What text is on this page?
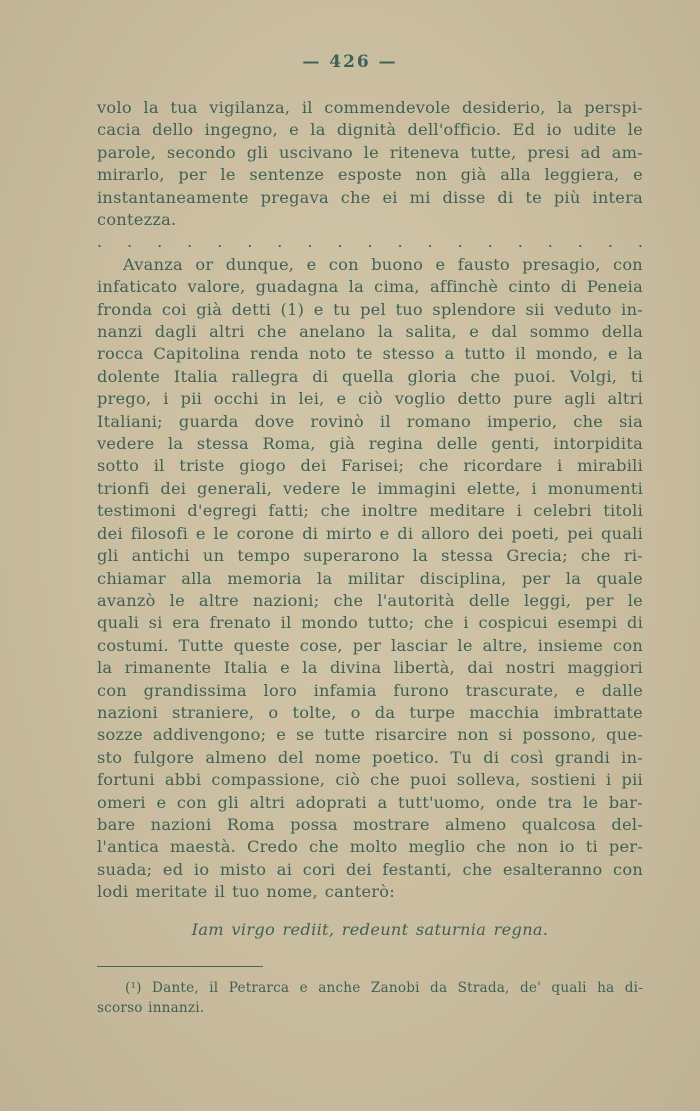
— 426 —
volo la tua vigilanza, il commendevole desiderio, la perspi-
cacia dello ingegno, e la dignità dell'officio. Ed io udite le
parole, secondo gli uscivano le riteneva tutte, presi ad am-
mirarlo, per le sentenze esposte non già alla leggiera, e
instantaneamente pregava che ei mi disse di te più intera
contezza.
. . . . . . . . . . . . . . . . . . .
Avanza or dunque, e con buono e fausto presagio, con
infaticato valore, guadagna la cima, affinchè cinto di Peneia
fronda coi già detti (1) e tu pel tuo splendore sii veduto in-
nanzi dagli altri che anelano la salita, e dal sommo della
rocca Capitolina renda noto te stesso a tutto il mondo, e la
dolente Italia rallegra di quella gloria che puoi. Volgi, ti
prego, i pii occhi in lei, e ciò voglio detto pure agli altri
Italiani; guarda dove rovinò il romano imperio, che sia
vedere la stessa Roma, già regina delle genti, intorpidita
sotto il triste giogo dei Farisei; che ricordare i mirabili
trionfi dei generali, vedere le immagini elette, i monumenti
testimoni d'egregi fatti; che inoltre meditare i celebri titoli
dei filosofi e le corone di mirto e di alloro dei poeti, pei quali
gli antichi un tempo superarono la stessa Grecia; che ri-
chiamar alla memoria la militar disciplina, per la quale
avanzò le altre nazioni; che l'autorità delle leggi, per le
quali si era frenato il mondo tutto; che i cospicui esempi di
costumi. Tutte queste cose, per lasciar le altre, insieme con
la rimanente Italia e la divina libertà, dai nostri maggiori
con grandissima loro infamia furono trascurate, e dalle
nazioni straniere, o tolte, o da turpe macchia imbrattate
sozze addivengono; e se tutte risarcire non si possono, que-
sto fulgore almeno del nome poetico. Tu di così grandi in-
fortuni abbi compassione, ciò che puoi solleva, sostieni i pii
omeri e con gli altri adoprati a tutt'uomo, onde tra le bar-
bare nazioni Roma possa mostrare almeno qualcosa del-
l'antica maestà. Credo che molto meglio che non io ti per-
suada; ed io misto ai cori dei festanti, che esalteranno con
lodi meritate il tuo nome, canterò:
Iam virgo rediit, redeunt saturnia regna.
(¹) Dante, il Petrarca e anche Zanobi da Strada, de' quali ha di-
scorso innanzi.
